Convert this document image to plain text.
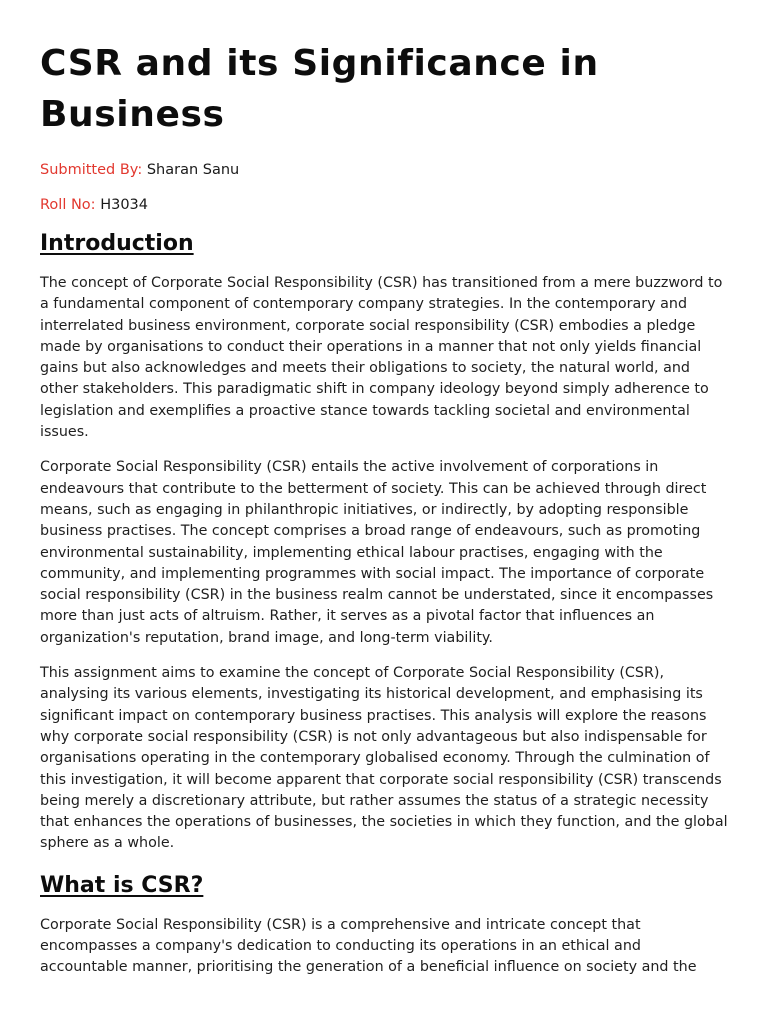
CSR and its Significance in Business

Submitted By: Sharan Sanu

Roll No: H3034

Introduction

The concept of Corporate Social Responsibility (CSR) has transitioned from a mere buzzword to a fundamental component of contemporary company strategies. In the contemporary and interrelated business environment, corporate social responsibility (CSR) embodies a pledge made by organisations to conduct their operations in a manner that not only yields financial gains but also acknowledges and meets their obligations to society, the natural world, and other stakeholders. This paradigmatic shift in company ideology beyond simply adherence to legislation and exemplifies a proactive stance towards tackling societal and environmental issues.

Corporate Social Responsibility (CSR) entails the active involvement of corporations in endeavours that contribute to the betterment of society. This can be achieved through direct means, such as engaging in philanthropic initiatives, or indirectly, by adopting responsible business practises. The concept comprises a broad range of endeavours, such as promoting environmental sustainability, implementing ethical labour practises, engaging with the community, and implementing programmes with social impact. The importance of corporate social responsibility (CSR) in the business realm cannot be understated, since it encompasses more than just acts of altruism. Rather, it serves as a pivotal factor that influences an organization's reputation, brand image, and long-term viability.

This assignment aims to examine the concept of Corporate Social Responsibility (CSR), analysing its various elements, investigating its historical development, and emphasising its significant impact on contemporary business practises. This analysis will explore the reasons why corporate social responsibility (CSR) is not only advantageous but also indispensable for organisations operating in the contemporary globalised economy. Through the culmination of this investigation, it will become apparent that corporate social responsibility (CSR) transcends being merely a discretionary attribute, but rather assumes the status of a strategic necessity that enhances the operations of businesses, the societies in which they function, and the global sphere as a whole.

What is CSR?

Corporate Social Responsibility (CSR) is a comprehensive and intricate concept that encompasses a company's dedication to conducting its operations in an ethical and accountable manner, prioritising the generation of a beneficial influence on society and the
